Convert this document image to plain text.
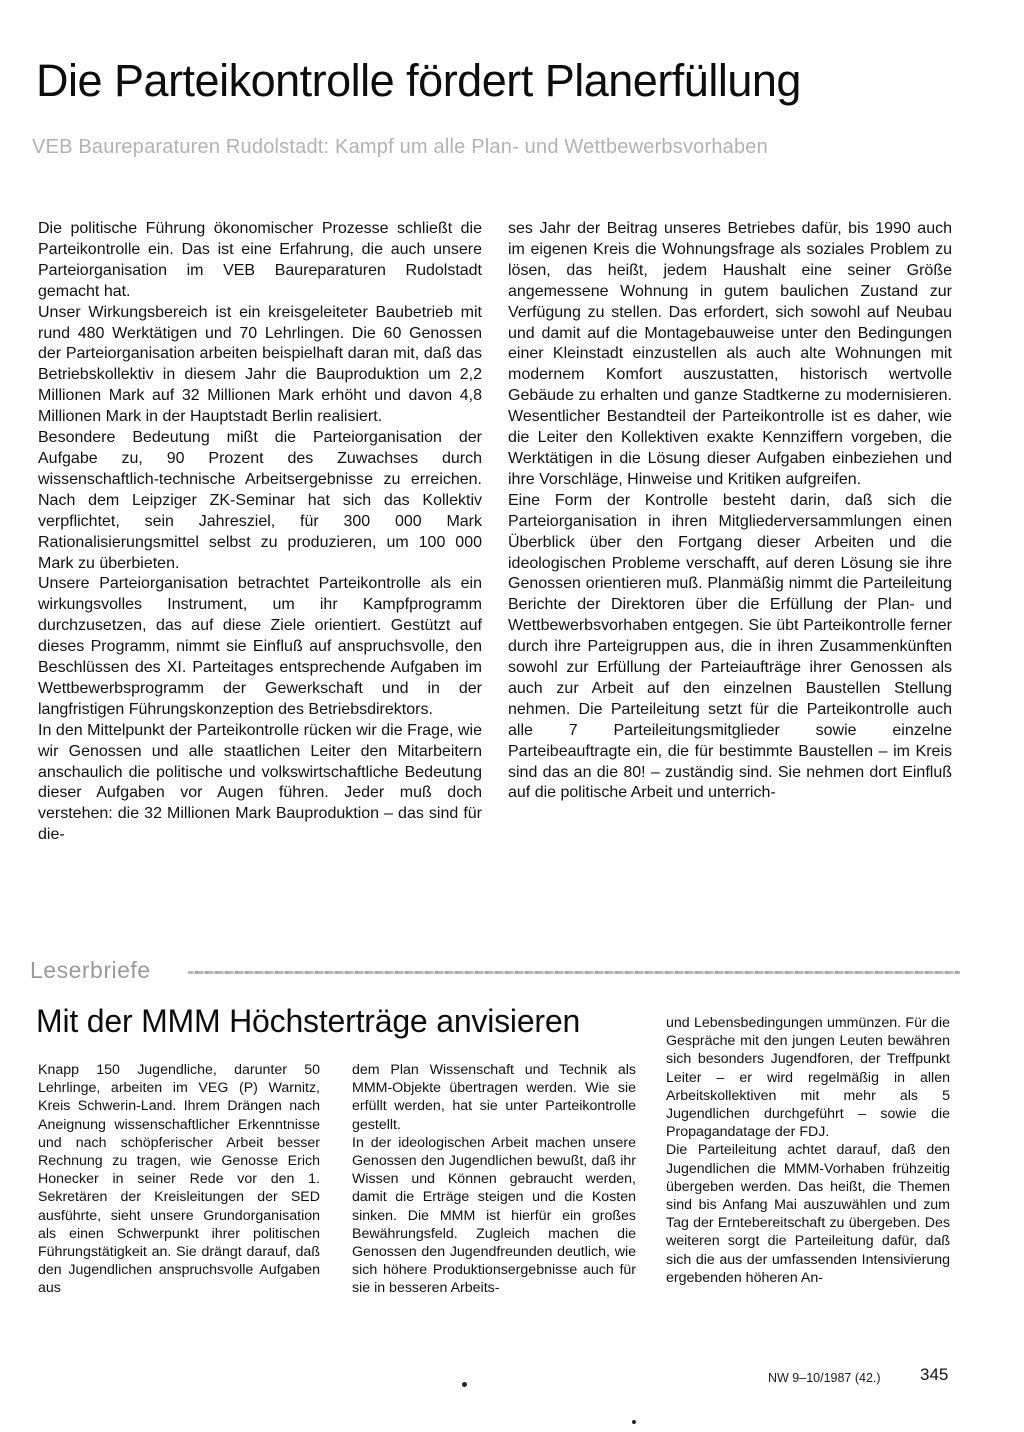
Die Parteikontrolle fördert Planerfüllung
VEB Baureparaturen Rudolstadt: Kampf um alle Plan- und Wettbewerbsvorhaben

Die politische Führung ökonomischer Prozesse schließt die Parteikontrolle ein. Das ist eine Erfahrung, die auch unsere Parteiorganisation im VEB Baureparaturen Rudolstadt gemacht hat.

Unser Wirkungsbereich ist ein kreisgeleiteter Baubetrieb mit rund 480 Werktätigen und 70 Lehrlingen. Die 60 Genossen der Parteiorganisation arbeiten beispielhaft daran mit, daß das Betriebskollektiv in diesem Jahr die Bauproduktion um 2,2 Millionen Mark auf 32 Millionen Mark erhöht und davon 4,8 Millionen Mark in der Hauptstadt Berlin realisiert.

Besondere Bedeutung mißt die Parteiorganisation der Aufgabe zu, 90 Prozent des Zuwachses durch wissenschaftlich-technische Arbeitsergebnisse zu erreichen. Nach dem Leipziger ZK-Seminar hat sich das Kollektiv verpflichtet, sein Jahresziel, für 300 000 Mark Rationalisierungsmittel selbst zu produzieren, um 100 000 Mark zu überbieten.

Unsere Parteiorganisation betrachtet Parteikontrolle als ein wirkungsvolles Instrument, um ihr Kampfprogramm durchzusetzen, das auf diese Ziele orientiert. Gestützt auf dieses Programm, nimmt sie Einfluß auf anspruchsvolle, den Beschlüssen des XI. Parteitages entsprechende Aufgaben im Wettbewerbsprogramm der Gewerkschaft und in der langfristigen Führungskonzeption des Betriebsdirektors.

In den Mittelpunkt der Parteikontrolle rücken wir die Frage, wie wir Genossen und alle staatlichen Leiter den Mitarbeitern anschaulich die politische und volkswirtschaftliche Bedeutung dieser Aufgaben vor Augen führen. Jeder muß doch verstehen: die 32 Millionen Mark Bauproduktion – das sind für die-

ses Jahr der Beitrag unseres Betriebes dafür, bis 1990 auch im eigenen Kreis die Wohnungsfrage als soziales Problem zu lösen, das heißt, jedem Haushalt eine seiner Größe angemessene Wohnung in gutem baulichen Zustand zur Verfügung zu stellen. Das erfordert, sich sowohl auf Neubau und damit auf die Montagebauweise unter den Bedingungen einer Kleinstadt einzustellen als auch alte Wohnungen mit modernem Komfort auszustatten, historisch wertvolle Gebäude zu erhalten und ganze Stadtkerne zu modernisieren. Wesentlicher Bestandteil der Parteikontrolle ist es daher, wie die Leiter den Kollektiven exakte Kennziffern vorgeben, die Werktätigen in die Lösung dieser Aufgaben einbeziehen und ihre Vorschläge, Hinweise und Kritiken aufgreifen.

Eine Form der Kontrolle besteht darin, daß sich die Parteiorganisation in ihren Mitgliederversammlungen einen Überblick über den Fortgang dieser Arbeiten und die ideologischen Probleme verschafft, auf deren Lösung sie ihre Genossen orientieren muß. Planmäßig nimmt die Parteileitung Berichte der Direktoren über die Erfüllung der Plan- und Wettbewerbsvorhaben entgegen. Sie übt Parteikontrolle ferner durch ihre Parteigruppen aus, die in ihren Zusammenkünften sowohl zur Erfüllung der Parteiaufträge ihrer Genossen als auch zur Arbeit auf den einzelnen Baustellen Stellung nehmen. Die Parteileitung setzt für die Parteikontrolle auch alle 7 Parteileitungsmitglieder sowie einzelne Parteibeauftragte ein, die für bestimmte Baustellen – im Kreis sind das an die 80! – zuständig sind. Sie nehmen dort Einfluß auf die politische Arbeit und unterrich-

Leserbriefe
Mit der MMM Höchsterträge anvisieren

Knapp 150 Jugendliche, darunter 50 Lehrlinge, arbeiten im VEG (P) Warnitz, Kreis Schwerin-Land. Ihrem Drängen nach Aneignung wissenschaftlicher Erkenntnisse und nach schöpferischer Arbeit besser Rechnung zu tragen, wie Genosse Erich Honecker in seiner Rede vor den 1. Sekretären der Kreisleitungen der SED ausführte, sieht unsere Grundorganisation als einen Schwerpunkt ihrer politischen Führungstätigkeit an. Sie drängt darauf, daß den Jugendlichen anspruchsvolle Aufgaben aus

dem Plan Wissenschaft und Technik als MMM-Objekte übertragen werden. Wie sie erfüllt werden, hat sie unter Parteikontrolle gestellt.

In der ideologischen Arbeit machen unsere Genossen den Jugendlichen bewußt, daß ihr Wissen und Können gebraucht werden, damit die Erträge steigen und die Kosten sinken. Die MMM ist hierfür ein großes Bewährungsfeld. Zugleich machen die Genossen den Jugendfreunden deutlich, wie sich höhere Produktionsergebnisse auch für sie in besseren Arbeits-

und Lebensbedingungen ummünzen. Für die Gespräche mit den jungen Leuten bewähren sich besonders Jugendforen, der Treffpunkt Leiter – er wird regelmäßig in allen Arbeitskollektiven mit mehr als 5 Jugendlichen durchgeführt – sowie die Propagandatage der FDJ.

Die Parteileitung achtet darauf, daß den Jugendlichen die MMM-Vorhaben frühzeitig übergeben werden. Das heißt, die Themen sind bis Anfang Mai auszuwählen und zum Tag der Erntebereitschaft zu übergeben. Des weiteren sorgt die Parteileitung dafür, daß sich die aus der umfassenden Intensivierung ergebenden höheren An-

NW 9–10/1987 (42.) 345
